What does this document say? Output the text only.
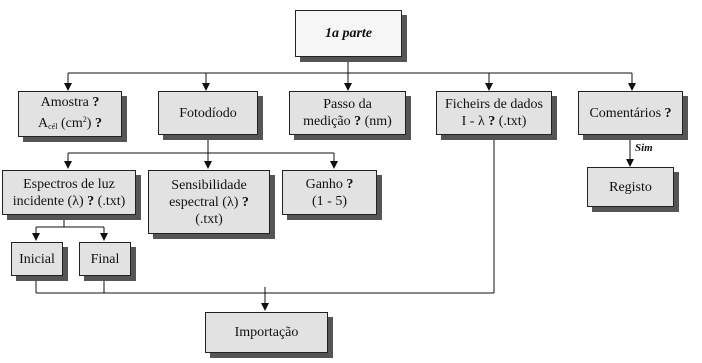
1a parte
Amostra ?
$A_{cél}$ $(cm^2)$ ?
Fotodíodo
Passo da
medição ? (nm)
Ficheirs de dados
I - λ ? (.txt)
Comentários ?
Sim
Registo
Espectros de luz
incidente (λ) ? (.txt)
Sensibilidade
espectral (λ) ?
(.txt)
Ganho ?
(1 - 5)
Inicial	Final
Importação
